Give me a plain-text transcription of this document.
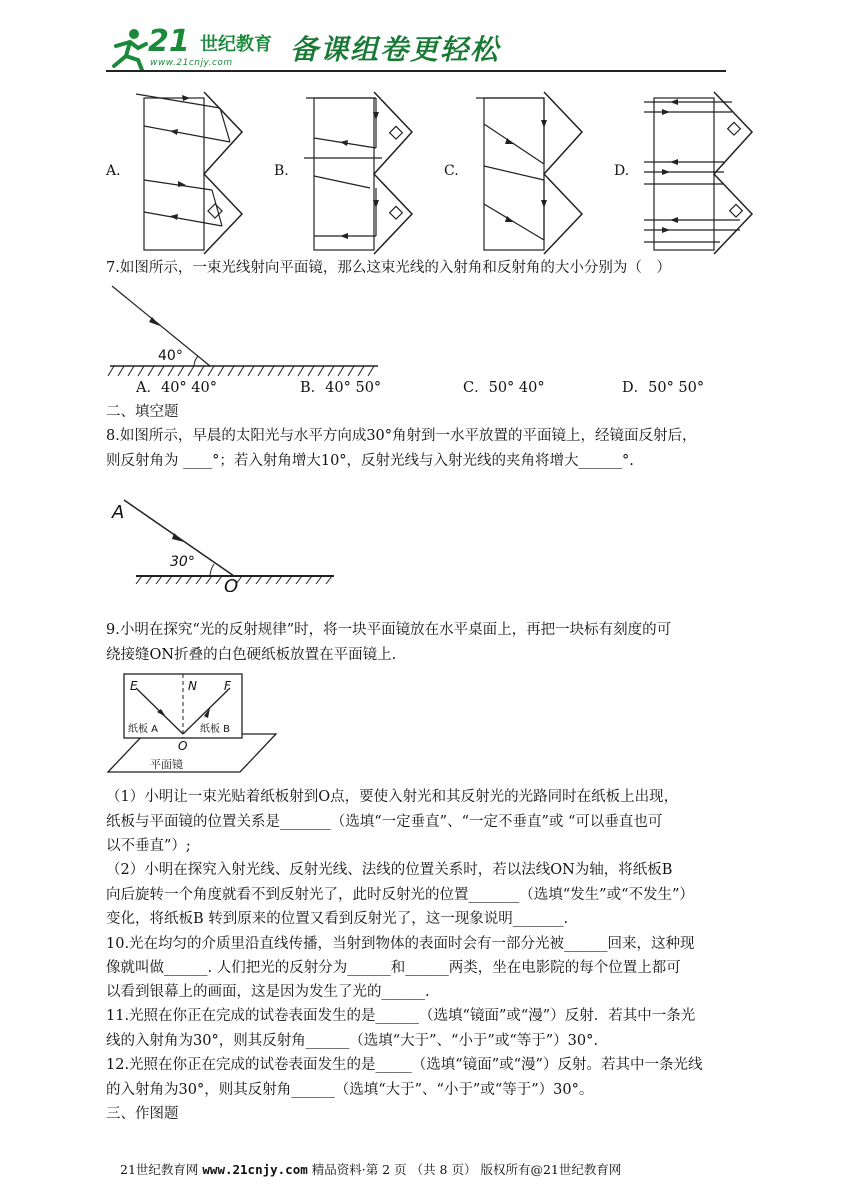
21 世纪教育
www.21cnjy.com 备课组卷更轻松
A.	B.	C.	D.
7.如图所示，一束光线射向平面镜，那么这束光线的入射角和反射角的大小分别为（　）
40°
A．40° 40°	B．40° 50°	C．50° 40°	D．50° 50°
二、填空题
8.如图所示，早晨的太阳光与水平方向成30°角射到一水平放置的平面镜上，经镜面反射后，
则反射角为 ____°；若入射角增大10°，反射光线与入射光线的夹角将增大______°.
A
30°
O
9.小明在探究“光的反射规律”时，将一块平面镜放在水平桌面上，再把一块标有刻度的可
绕接缝ON折叠的白色硬纸板放置在平面镜上.
E	N F
纸板 A	纸板 B
O
平面镜
（1）小明让一束光贴着纸板射到O点，要使入射光和其反射光的光路同时在纸板上出现，
纸板与平面镜的位置关系是_______（选填“一定垂直”、“一定不垂直”或 “可以垂直也可
以不垂直”）;
（2）小明在探究入射光线、反射光线、法线的位置关系时，若以法线ON为轴，将纸板B
向后旋转一个角度就看不到反射光了，此时反射光的位置_______（选填“发生”或“不发生”）
变化，将纸板B 转到原来的位置又看到反射光了，这一现象说明_______.
10.光在均匀的介质里沿直线传播，当射到物体的表面时会有一部分光被______回来，这种现
像就叫做______. 人们把光的反射分为______和______两类，坐在电影院的每个位置上都可
以看到银幕上的画面，这是因为发生了光的______.
11.光照在你正在完成的试卷表面发生的是______（选填“镜面”或“漫”）反射．若其中一条光
线的入射角为30°，则其反射角______（选填“大于”、“小于”或“等于”）30°.
12.光照在你正在完成的试卷表面发生的是_____（选填“镜面”或“漫”）反射。若其中一条光线
的入射角为30°，则其反射角______（选填“大于”、“小于”或“等于”）30°。
三、作图题
21世纪教育网 www.21cnjy.com 精品资料·第 2 页 （共 8 页） 版权所有@21世纪教育网
